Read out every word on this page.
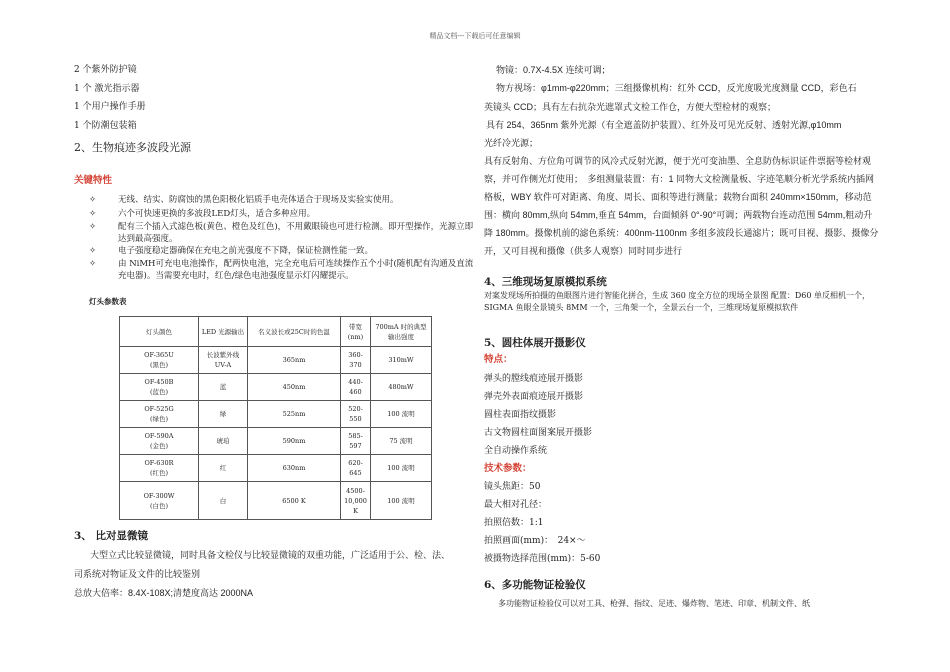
精品文档---下载后可任意编辑
2 个紫外防护镜
1 个 激光指示器
1 个用户操作手册
1 个防潮包装箱
2、生物痕迹多波段光源
关键特性
✧	无线、结实、防腐蚀的黑色阳极化铝质手电壳体适合于现场及实验实使用。
✧	六个可快速更换的多波段LED灯头，适合多种应用。
✧	配有三个插入式滤色板(黄色、橙色及红色)，不用戴眼镜也可进行检测。即开型操作，光源立即达到最高强度。
✧	电子强度稳定器确保在充电之前光强度不下降，保证检测性能一致。
✧	由 NiMH可充电电池操作，配两快电池，完全充电后可连续操作五个小时(随机配有沟通及直流充电器)。当需要充电时，红色/绿色电池强度显示灯闪耀提示。
灯头参数表
灯头颜色	LED 光源输出	名义波长或25C时的色温	带宽(nm)	700mA 时的典型输出强度
OF-365U
(黑色)	长波紫外线 UV-A	365nm	360-370	310mW
OF-450B
(蓝色)	蓝	450nm	440-460	480mW
OF-525G
(绿色)	绿	525nm	520-550	100 流明
OF-590A
(金色)	琥珀	590nm	585-597	75 流明
OF-630R
(红色)	红	630nm	620-645	100 流明
OF-300W
(白色)	白	6500 K	4500-10,000 K	100 流明
3、 比对显微镜
大型立式比较显微镜，同时具备文检仪与比较显微镜的双重功能，广泛适用于公、检、法、
司系统对物证及文件的比较鉴别
总放大倍率：8.4X-108X;清楚度高达 2000NA
物镜：0.7X-4.5X 连续可调；
物方视场：φ1mm-φ220mm；三组摄像机构：红外 CCD，反光度吸光度测量 CCD，彩色石
英镜头 CCD；具有左右抗杂光遮罩式文检工作仓，方便大型检材的观察；
具有 254、365nm 紫外光源（有全遮盖防护装置）、红外及可见光反射、透射光源,φ10mm
光纤冷光源；
具有反射角、方位角可调节的风冷式反射光源，便于光可变油墨、全息防伪标识证件票据等检材观察，并可作侧光灯使用；　多组测量装置：有：1 同物大文检测量板、字迹笔顺分析光学系统内插网格板，WBY 软件可对距离、角度、周长、面积等进行测量；载物台面积 240mm×150mm，移动范围：横向 80mm,纵向 54mm,垂直 54mm，台面倾斜 0°-90°可调；两载物台连动范围 54mm,粗动升降 180mm。摄像机前的滤色系统：400nm-1100nm 多组多波段长通滤片；既可目视、摄影、摄像分开，又可目视和摄像（供多人观察）同时同步进行
4、三维现场复原模拟系统
对案发现场所拍摄的鱼眼图片进行智能化拼合，生成 360 度全方位的现场全景图 配置：D60 单反相机一个，SIGMA 鱼眼全景镜头 8MM 一个，三角架一个，全景云台一个，三维现场复原模拟软件
5、圆柱体展开摄影仪
特点：
弹头的膛线痕迹展开摄影
弹壳外表面痕迹展开摄影
圆柱表面指纹摄影
古文物圆柱面图案展开摄影
全自动操作系统
技术参数：
镜头焦距：50
最大相对孔径：
拍照倍数：1:1
拍照画面(mm)：　24×～
被摄物选择范围(mm)：5-60
6、多功能物证检验仪
多功能物证检验仪可以对工具、枪弹、指纹、足迹、爆炸物、笔迹、印章、机制文件、纸
